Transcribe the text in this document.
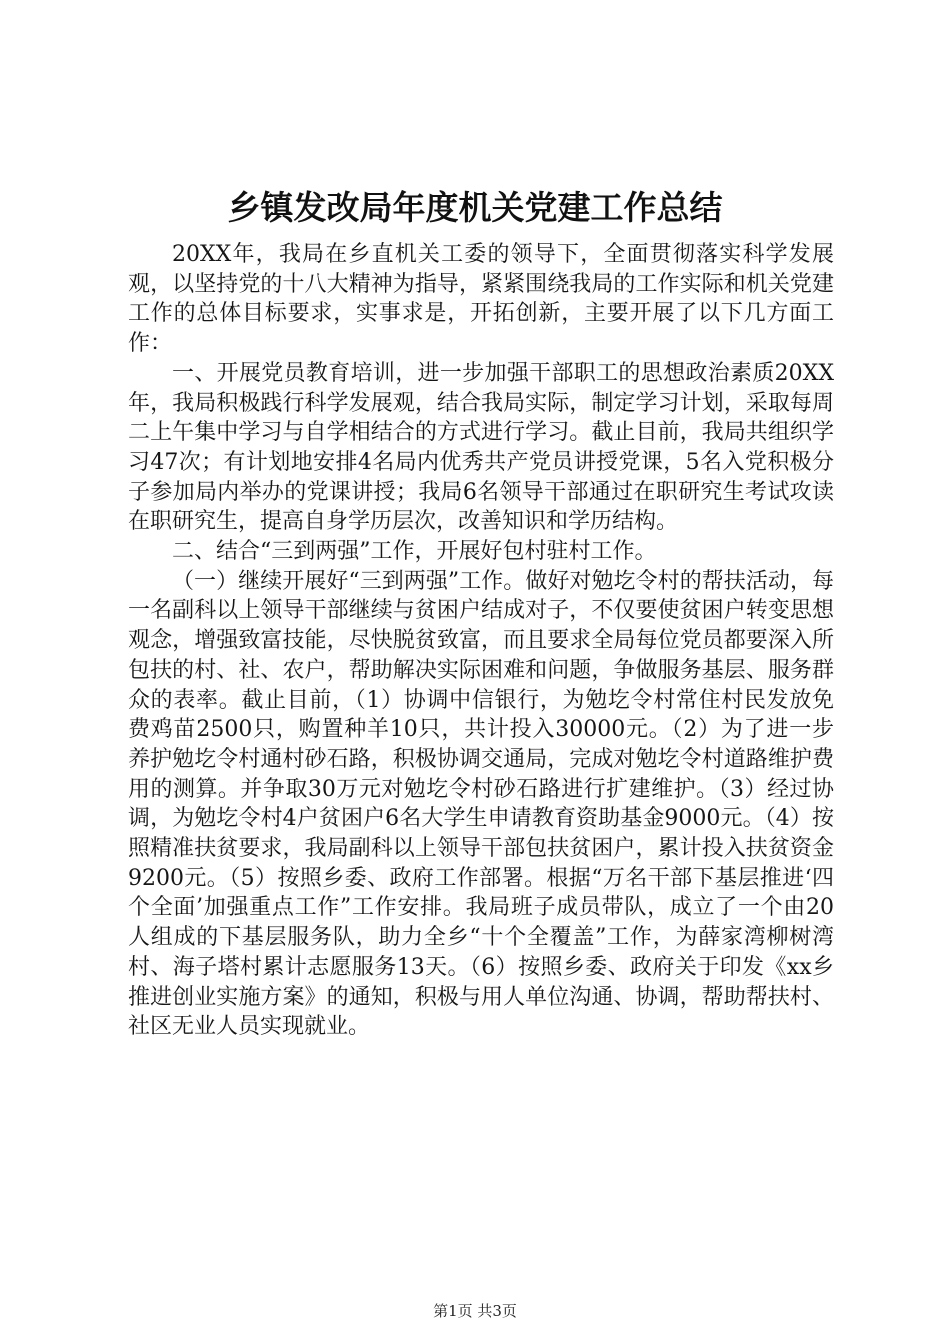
乡镇发改局年度机关党建工作总结

20XX年，我局在乡直机关工委的领导下，全面贯彻落实科学发展观，以坚持党的十八大精神为指导，紧紧围绕我局的工作实际和机关党建工作的总体目标要求，实事求是，开拓创新，主要开展了以下几方面工作：

一、开展党员教育培训，进一步加强干部职工的思想政治素质20XX年，我局积极践行科学发展观，结合我局实际，制定学习计划，采取每周二上午集中学习与自学相结合的方式进行学习。截止目前，我局共组织学习47次；有计划地安排4名局内优秀共产党员讲授党课，5名入党积极分子参加局内举办的党课讲授；我局6名领导干部通过在职研究生考试攻读在职研究生，提高自身学历层次，改善知识和学历结构。

二、结合“三到两强”工作，开展好包村驻村工作。

（一）继续开展好“三到两强”工作。做好对勉圪令村的帮扶活动，每一名副科以上领导干部继续与贫困户结成对子，不仅要使贫困户转变思想观念，增强致富技能，尽快脱贫致富，而且要求全局每位党员都要深入所包扶的村、社、农户，帮助解决实际困难和问题，争做服务基层、服务群众的表率。截止目前，（1）协调中信银行，为勉圪令村常住村民发放免费鸡苗2500只，购置种羊10只，共计投入30000元。（2）为了进一步养护勉圪令村通村砂石路，积极协调交通局，完成对勉圪令村道路维护费用的测算。并争取30万元对勉圪令村砂石路进行扩建维护。（3）经过协调，为勉圪令村4户贫困户6名大学生申请教育资助基金9000元。（4）按照精准扶贫要求，我局副科以上领导干部包扶贫困户，累计投入扶贫资金9200元。（5）按照乡委、政府工作部署。根据“万名干部下基层推进‘四个全面’加强重点工作”工作安排。我局班子成员带队，成立了一个由20人组成的下基层服务队，助力全乡“十个全覆盖”工作，为薛家湾柳树湾村、海子塔村累计志愿服务13天。（6）按照乡委、政府关于印发《xx乡推进创业实施方案》的通知，积极与用人单位沟通、协调，帮助帮扶村、社区无业人员实现就业。

第1页 共3页
